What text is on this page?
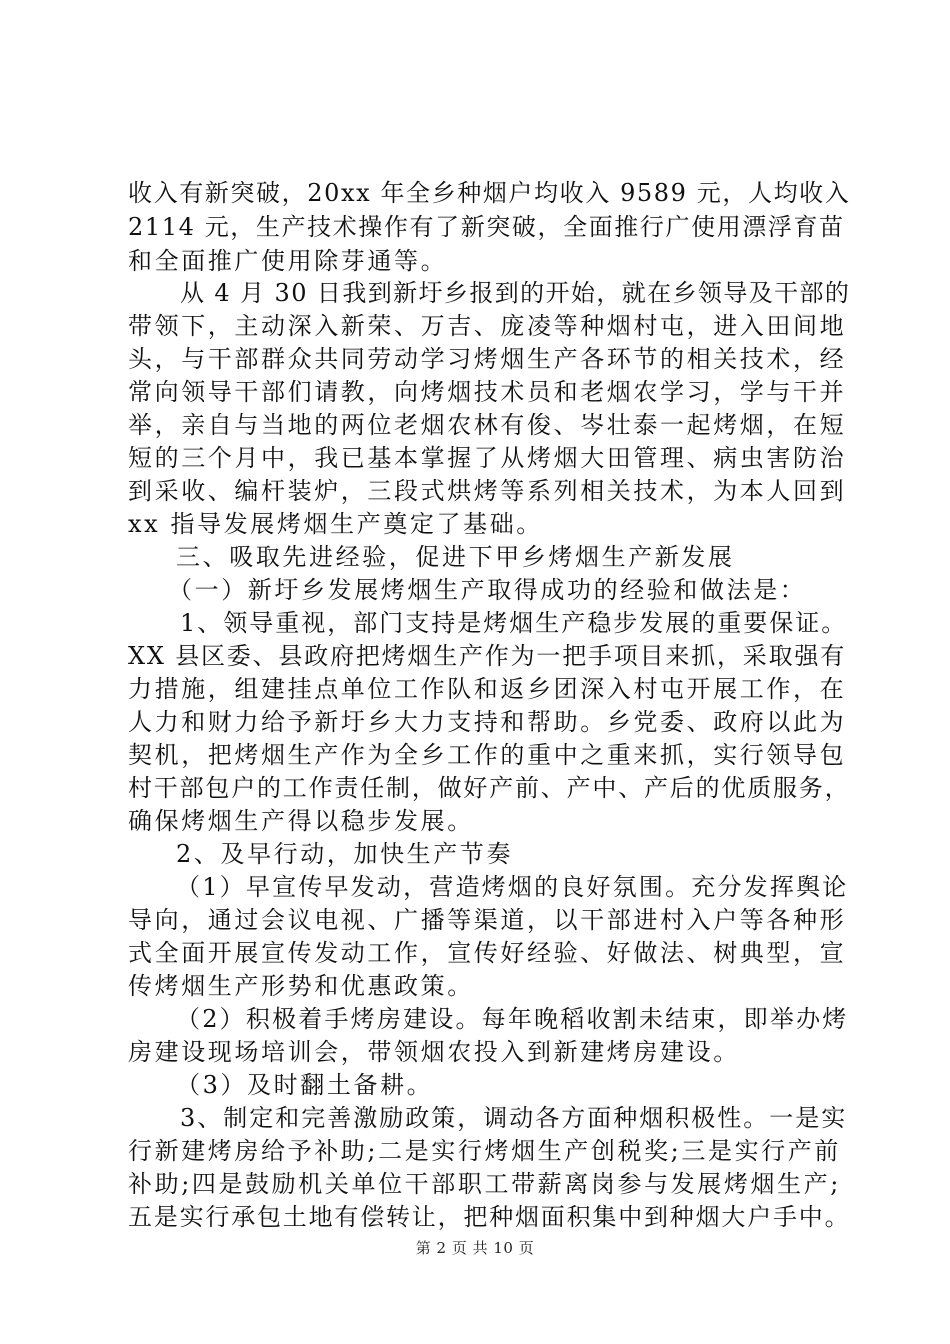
收入有新突破，20xx 年全乡种烟户均收入 9589 元，人均收入
2114 元，生产技术操作有了新突破，全面推行广使用漂浮育苗
和全面推广使用除芽通等。
从 4 月 30 日我到新圩乡报到的开始，就在乡领导及干部的
带领下，主动深入新荣、万吉、庞凌等种烟村屯，进入田间地
头，与干部群众共同劳动学习烤烟生产各环节的相关技术，经
常向领导干部们请教，向烤烟技术员和老烟农学习，学与干并
举，亲自与当地的两位老烟农林有俊、岑壮泰一起烤烟，在短
短的三个月中，我已基本掌握了从烤烟大田管理、病虫害防治
到采收、编杆装炉，三段式烘烤等系列相关技术，为本人回到
xx 指导发展烤烟生产奠定了基础。
三、吸取先进经验，促进下甲乡烤烟生产新发展
（一）新圩乡发展烤烟生产取得成功的经验和做法是：
1、领导重视，部门支持是烤烟生产稳步发展的重要保证。
XX 县区委、县政府把烤烟生产作为一把手项目来抓，采取强有
力措施，组建挂点单位工作队和返乡团深入村屯开展工作，在
人力和财力给予新圩乡大力支持和帮助。乡党委、政府以此为
契机，把烤烟生产作为全乡工作的重中之重来抓，实行领导包
村干部包户的工作责任制，做好产前、产中、产后的优质服务，
确保烤烟生产得以稳步发展。
2、及早行动，加快生产节奏
（1）早宣传早发动，营造烤烟的良好氛围。充分发挥舆论
导向，通过会议电视、广播等渠道，以干部进村入户等各种形
式全面开展宣传发动工作，宣传好经验、好做法、树典型，宣
传烤烟生产形势和优惠政策。
（2）积极着手烤房建设。每年晚稻收割未结束，即举办烤
房建设现场培训会，带领烟农投入到新建烤房建设。
（3）及时翻土备耕。
3、制定和完善激励政策，调动各方面种烟积极性。一是实
行新建烤房给予补助;二是实行烤烟生产创税奖;三是实行产前
补助;四是鼓励机关单位干部职工带薪离岗参与发展烤烟生产;
五是实行承包土地有偿转让，把种烟面积集中到种烟大户手中。
第 2 页 共 10 页
